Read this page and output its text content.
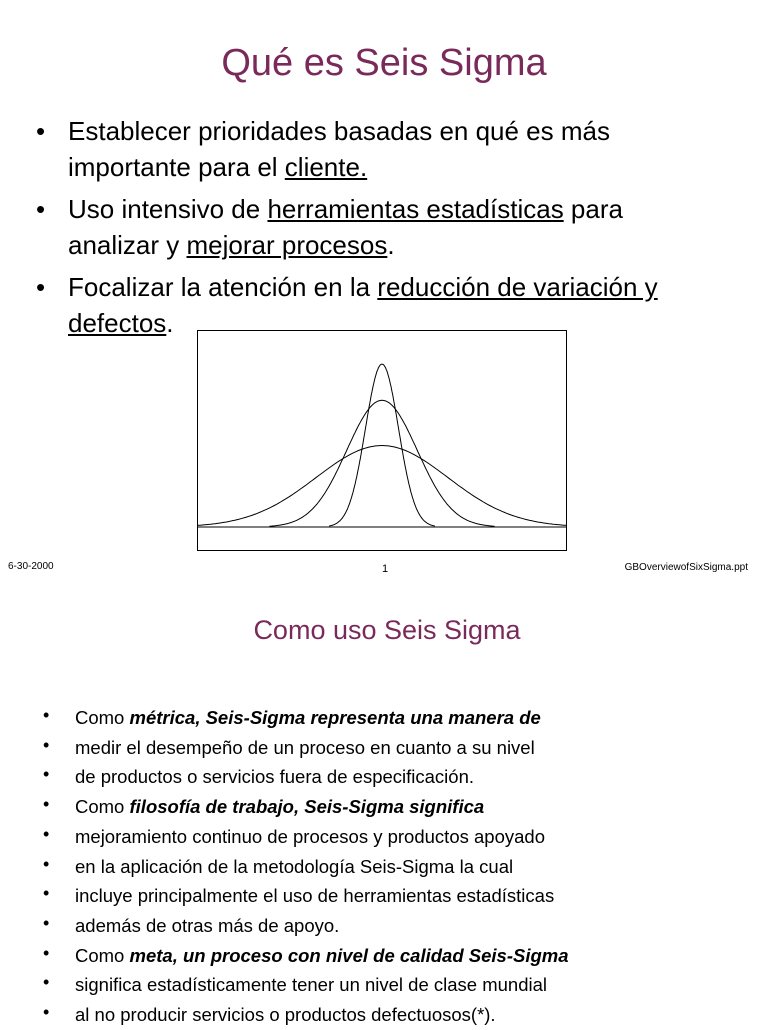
Qué es Seis Sigma
• Establecer prioridades basadas en qué es más
importante para el cliente.
• Uso intensivo de herramientas estadísticas para
analizar y mejorar procesos.
• Focalizar la atención en la reducción de variación y
defectos.
6-30-2000	1	GBOverviewofSixSigma.ppt
Como uso Seis Sigma
• Como métrica, Seis-Sigma representa una manera de
• medir el desempeño de un proceso en cuanto a su nivel
• de productos o servicios fuera de especificación.
• Como filosofía de trabajo, Seis-Sigma significa
• mejoramiento continuo de procesos y productos apoyado
• en la aplicación de la metodología Seis-Sigma la cual
• incluye principalmente el uso de herramientas estadísticas
• además de otras más de apoyo.
• Como meta, un proceso con nivel de calidad Seis-Sigma
• significa estadísticamente tener un nivel de clase mundial
• al no producir servicios o productos defectuosos(*).
